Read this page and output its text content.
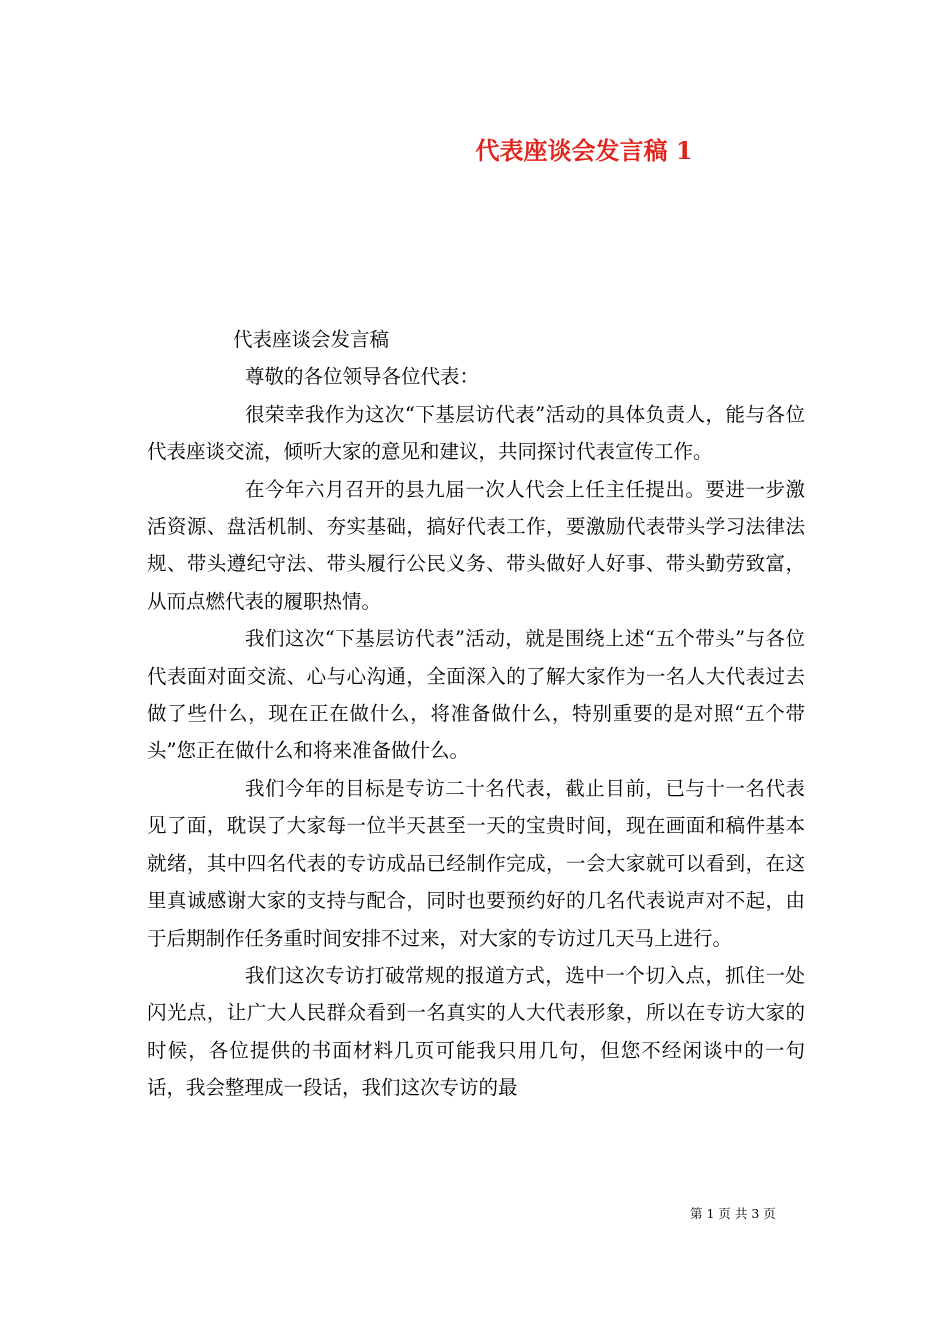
代表座谈会发言稿 1

代表座谈会发言稿

尊敬的各位领导各位代表：

很荣幸我作为这次“下基层访代表”活动的具体负责人，能与各位代表座谈交流，倾听大家的意见和建议，共同探讨代表宣传工作。

在今年六月召开的县九届一次人代会上任主任提出。要进一步激活资源、盘活机制、夯实基础，搞好代表工作，要激励代表带头学习法律法规、带头遵纪守法、带头履行公民义务、带头做好人好事、带头勤劳致富，从而点燃代表的履职热情。

我们这次“下基层访代表”活动，就是围绕上述“五个带头”与各位代表面对面交流、心与心沟通，全面深入的了解大家作为一名人大代表过去做了些什么，现在正在做什么，将准备做什么，特别重要的是对照“五个带头”您正在做什么和将来准备做什么。

我们今年的目标是专访二十名代表，截止目前，已与十一名代表见了面，耽误了大家每一位半天甚至一天的宝贵时间，现在画面和稿件基本就绪，其中四名代表的专访成品已经制作完成，一会大家就可以看到，在这里真诚感谢大家的支持与配合，同时也要预约好的几名代表说声对不起，由于后期制作任务重时间安排不过来，对大家的专访过几天马上进行。

我们这次专访打破常规的报道方式，选中一个切入点，抓住一处闪光点，让广大人民群众看到一名真实的人大代表形象，所以在专访大家的时候，各位提供的书面材料几页可能我只用几句，但您不经闲谈中的一句话，我会整理成一段话，我们这次专访的最

第 1 页 共 3 页
